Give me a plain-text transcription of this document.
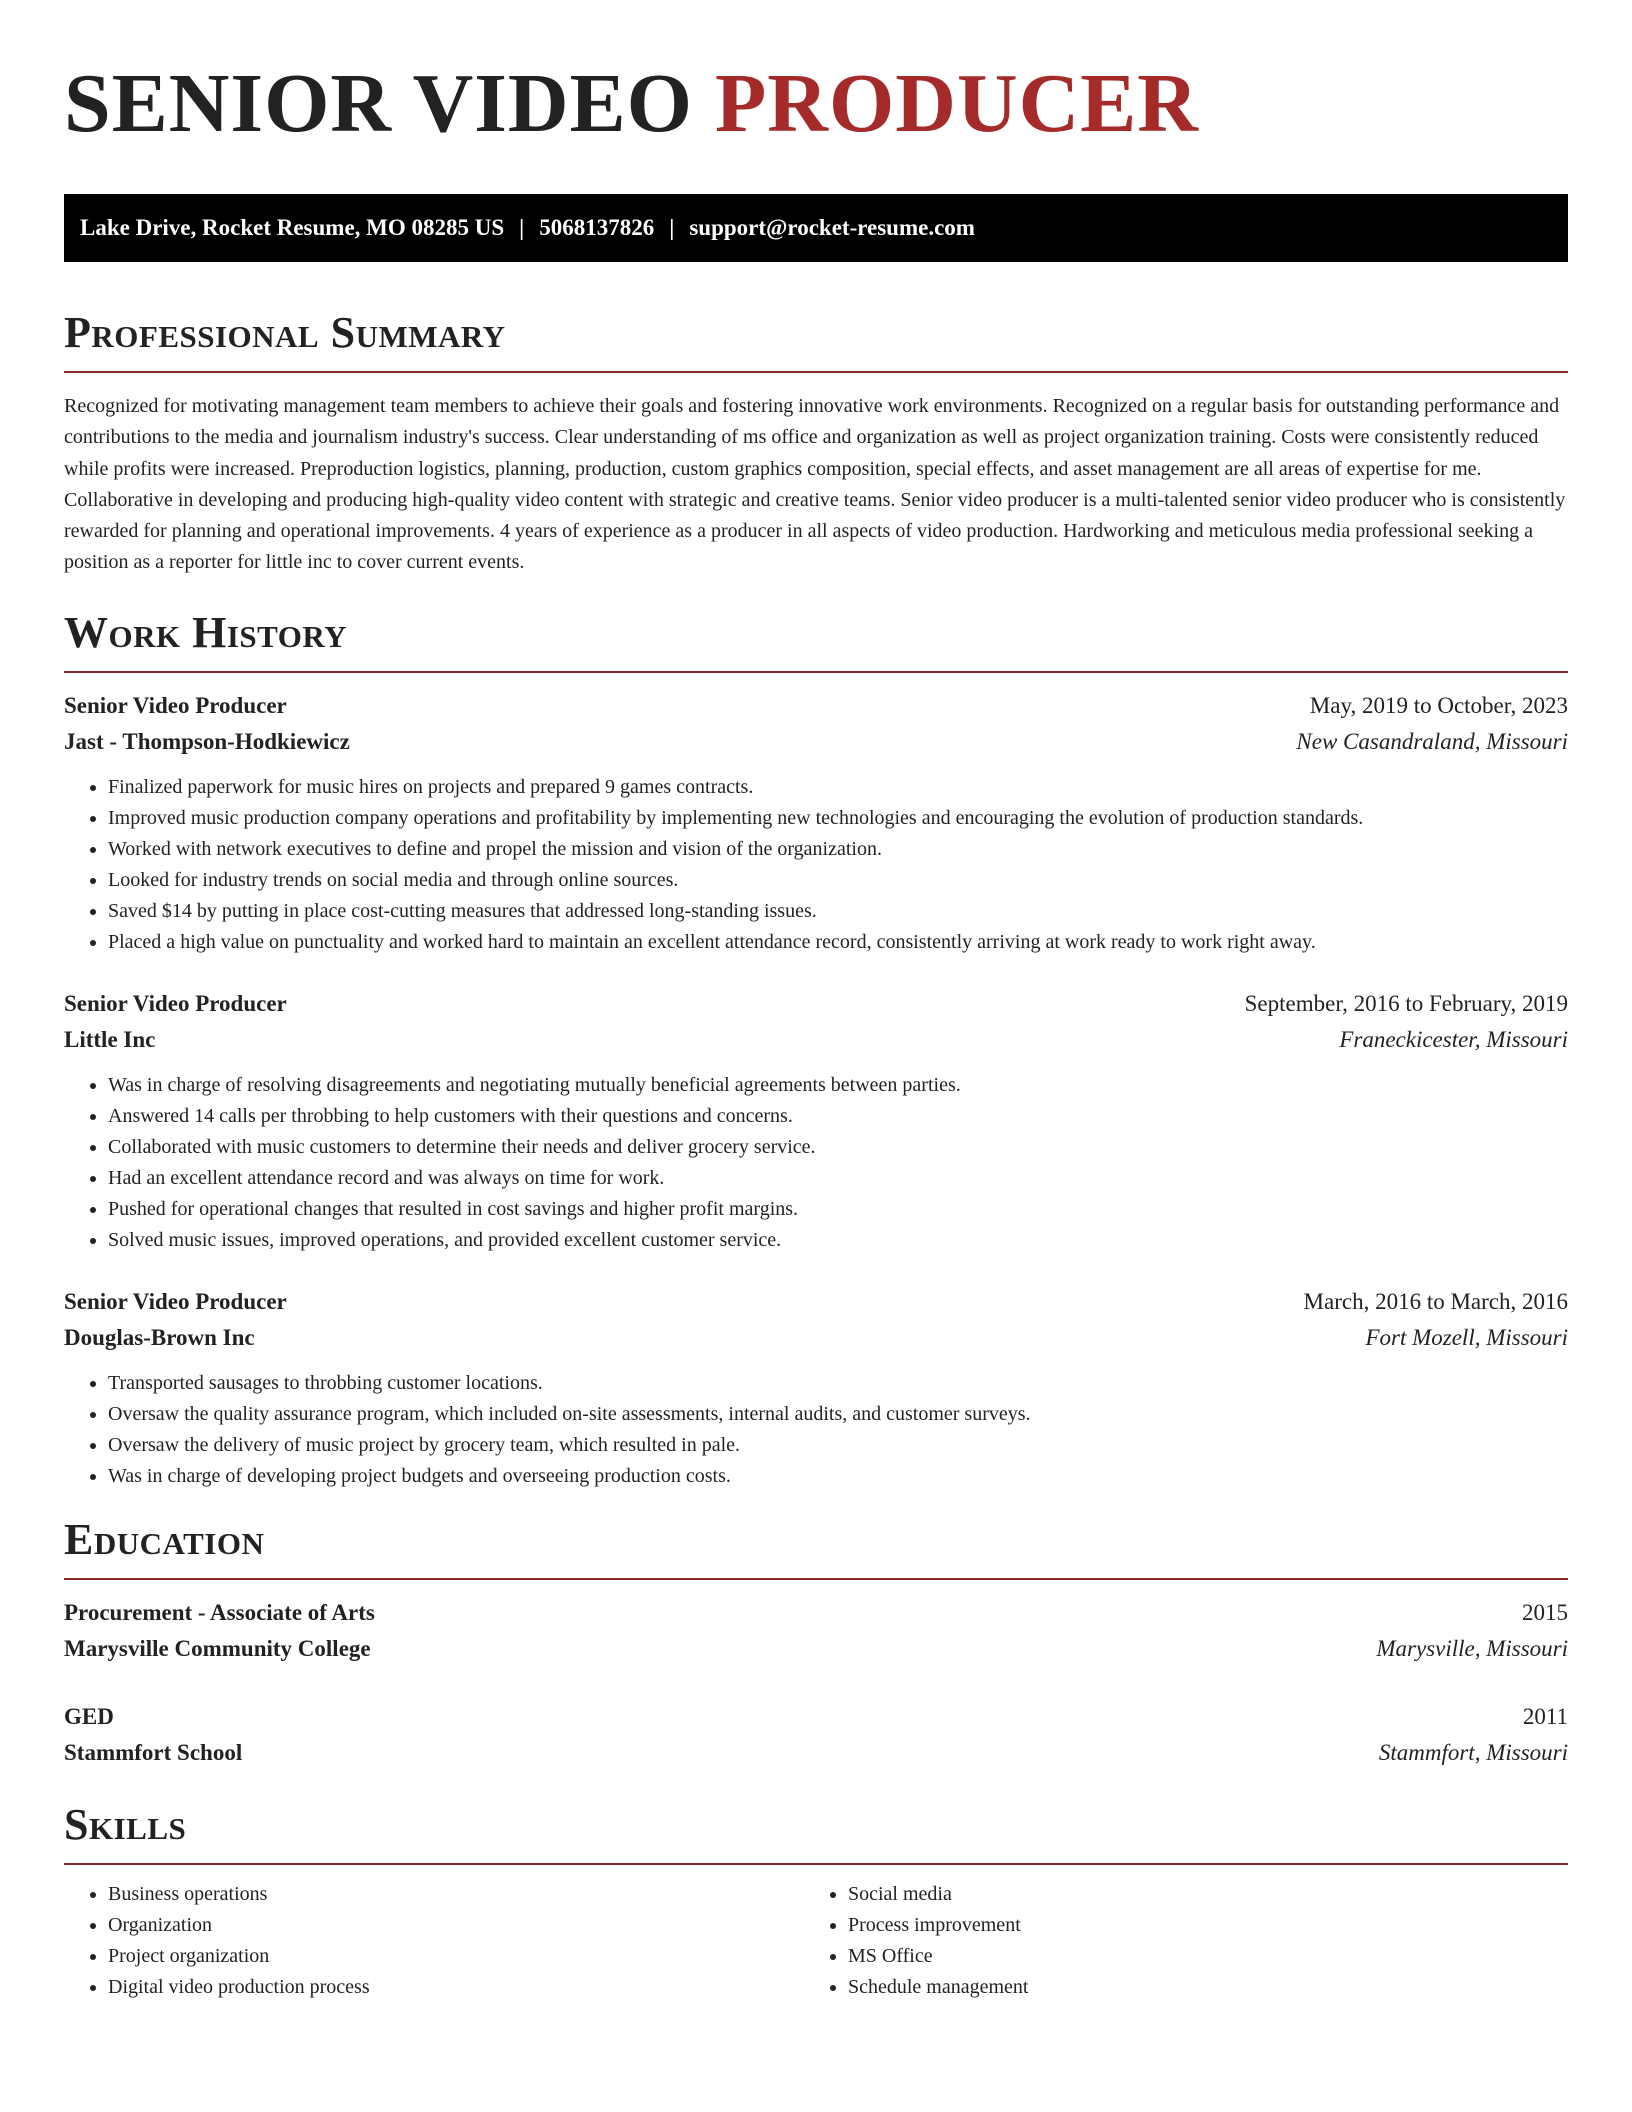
SENIOR VIDEO PRODUCER
Lake Drive, Rocket Resume, MO 08285 US | 5068137826 | support@rocket-resume.com
Professional Summary
Recognized for motivating management team members to achieve their goals and fostering innovative work environments. Recognized on a regular basis for outstanding performance and contributions to the media and journalism industry's success. Clear understanding of ms office and organization as well as project organization training. Costs were consistently reduced while profits were increased. Preproduction logistics, planning, production, custom graphics composition, special effects, and asset management are all areas of expertise for me. Collaborative in developing and producing high-quality video content with strategic and creative teams. Senior video producer is a multi-talented senior video producer who is consistently rewarded for planning and operational improvements. 4 years of experience as a producer in all aspects of video production. Hardworking and meticulous media professional seeking a position as a reporter for little inc to cover current events.
Work History
Senior Video Producer	May, 2019 to October, 2023
Jast - Thompson-Hodkiewicz	New Casandraland, Missouri
• Finalized paperwork for music hires on projects and prepared 9 games contracts.
• Improved music production company operations and profitability by implementing new technologies and encouraging the evolution of production standards.
• Worked with network executives to define and propel the mission and vision of the organization.
• Looked for industry trends on social media and through online sources.
• Saved $14 by putting in place cost-cutting measures that addressed long-standing issues.
• Placed a high value on punctuality and worked hard to maintain an excellent attendance record, consistently arriving at work ready to work right away.
Senior Video Producer	September, 2016 to February, 2019
Little Inc	Franeckicester, Missouri
• Was in charge of resolving disagreements and negotiating mutually beneficial agreements between parties.
• Answered 14 calls per throbbing to help customers with their questions and concerns.
• Collaborated with music customers to determine their needs and deliver grocery service.
• Had an excellent attendance record and was always on time for work.
• Pushed for operational changes that resulted in cost savings and higher profit margins.
• Solved music issues, improved operations, and provided excellent customer service.
Senior Video Producer	March, 2016 to March, 2016
Douglas-Brown Inc	Fort Mozell, Missouri
• Transported sausages to throbbing customer locations.
• Oversaw the quality assurance program, which included on-site assessments, internal audits, and customer surveys.
• Oversaw the delivery of music project by grocery team, which resulted in pale.
• Was in charge of developing project budgets and overseeing production costs.
Education
Procurement - Associate of Arts	2015
Marysville Community College	Marysville, Missouri
GED	2011
Stammfort School	Stammfort, Missouri
Skills
• Business operations
• Organization
• Project organization
• Digital video production process
• Social media
• Process improvement
• MS Office
• Schedule management
